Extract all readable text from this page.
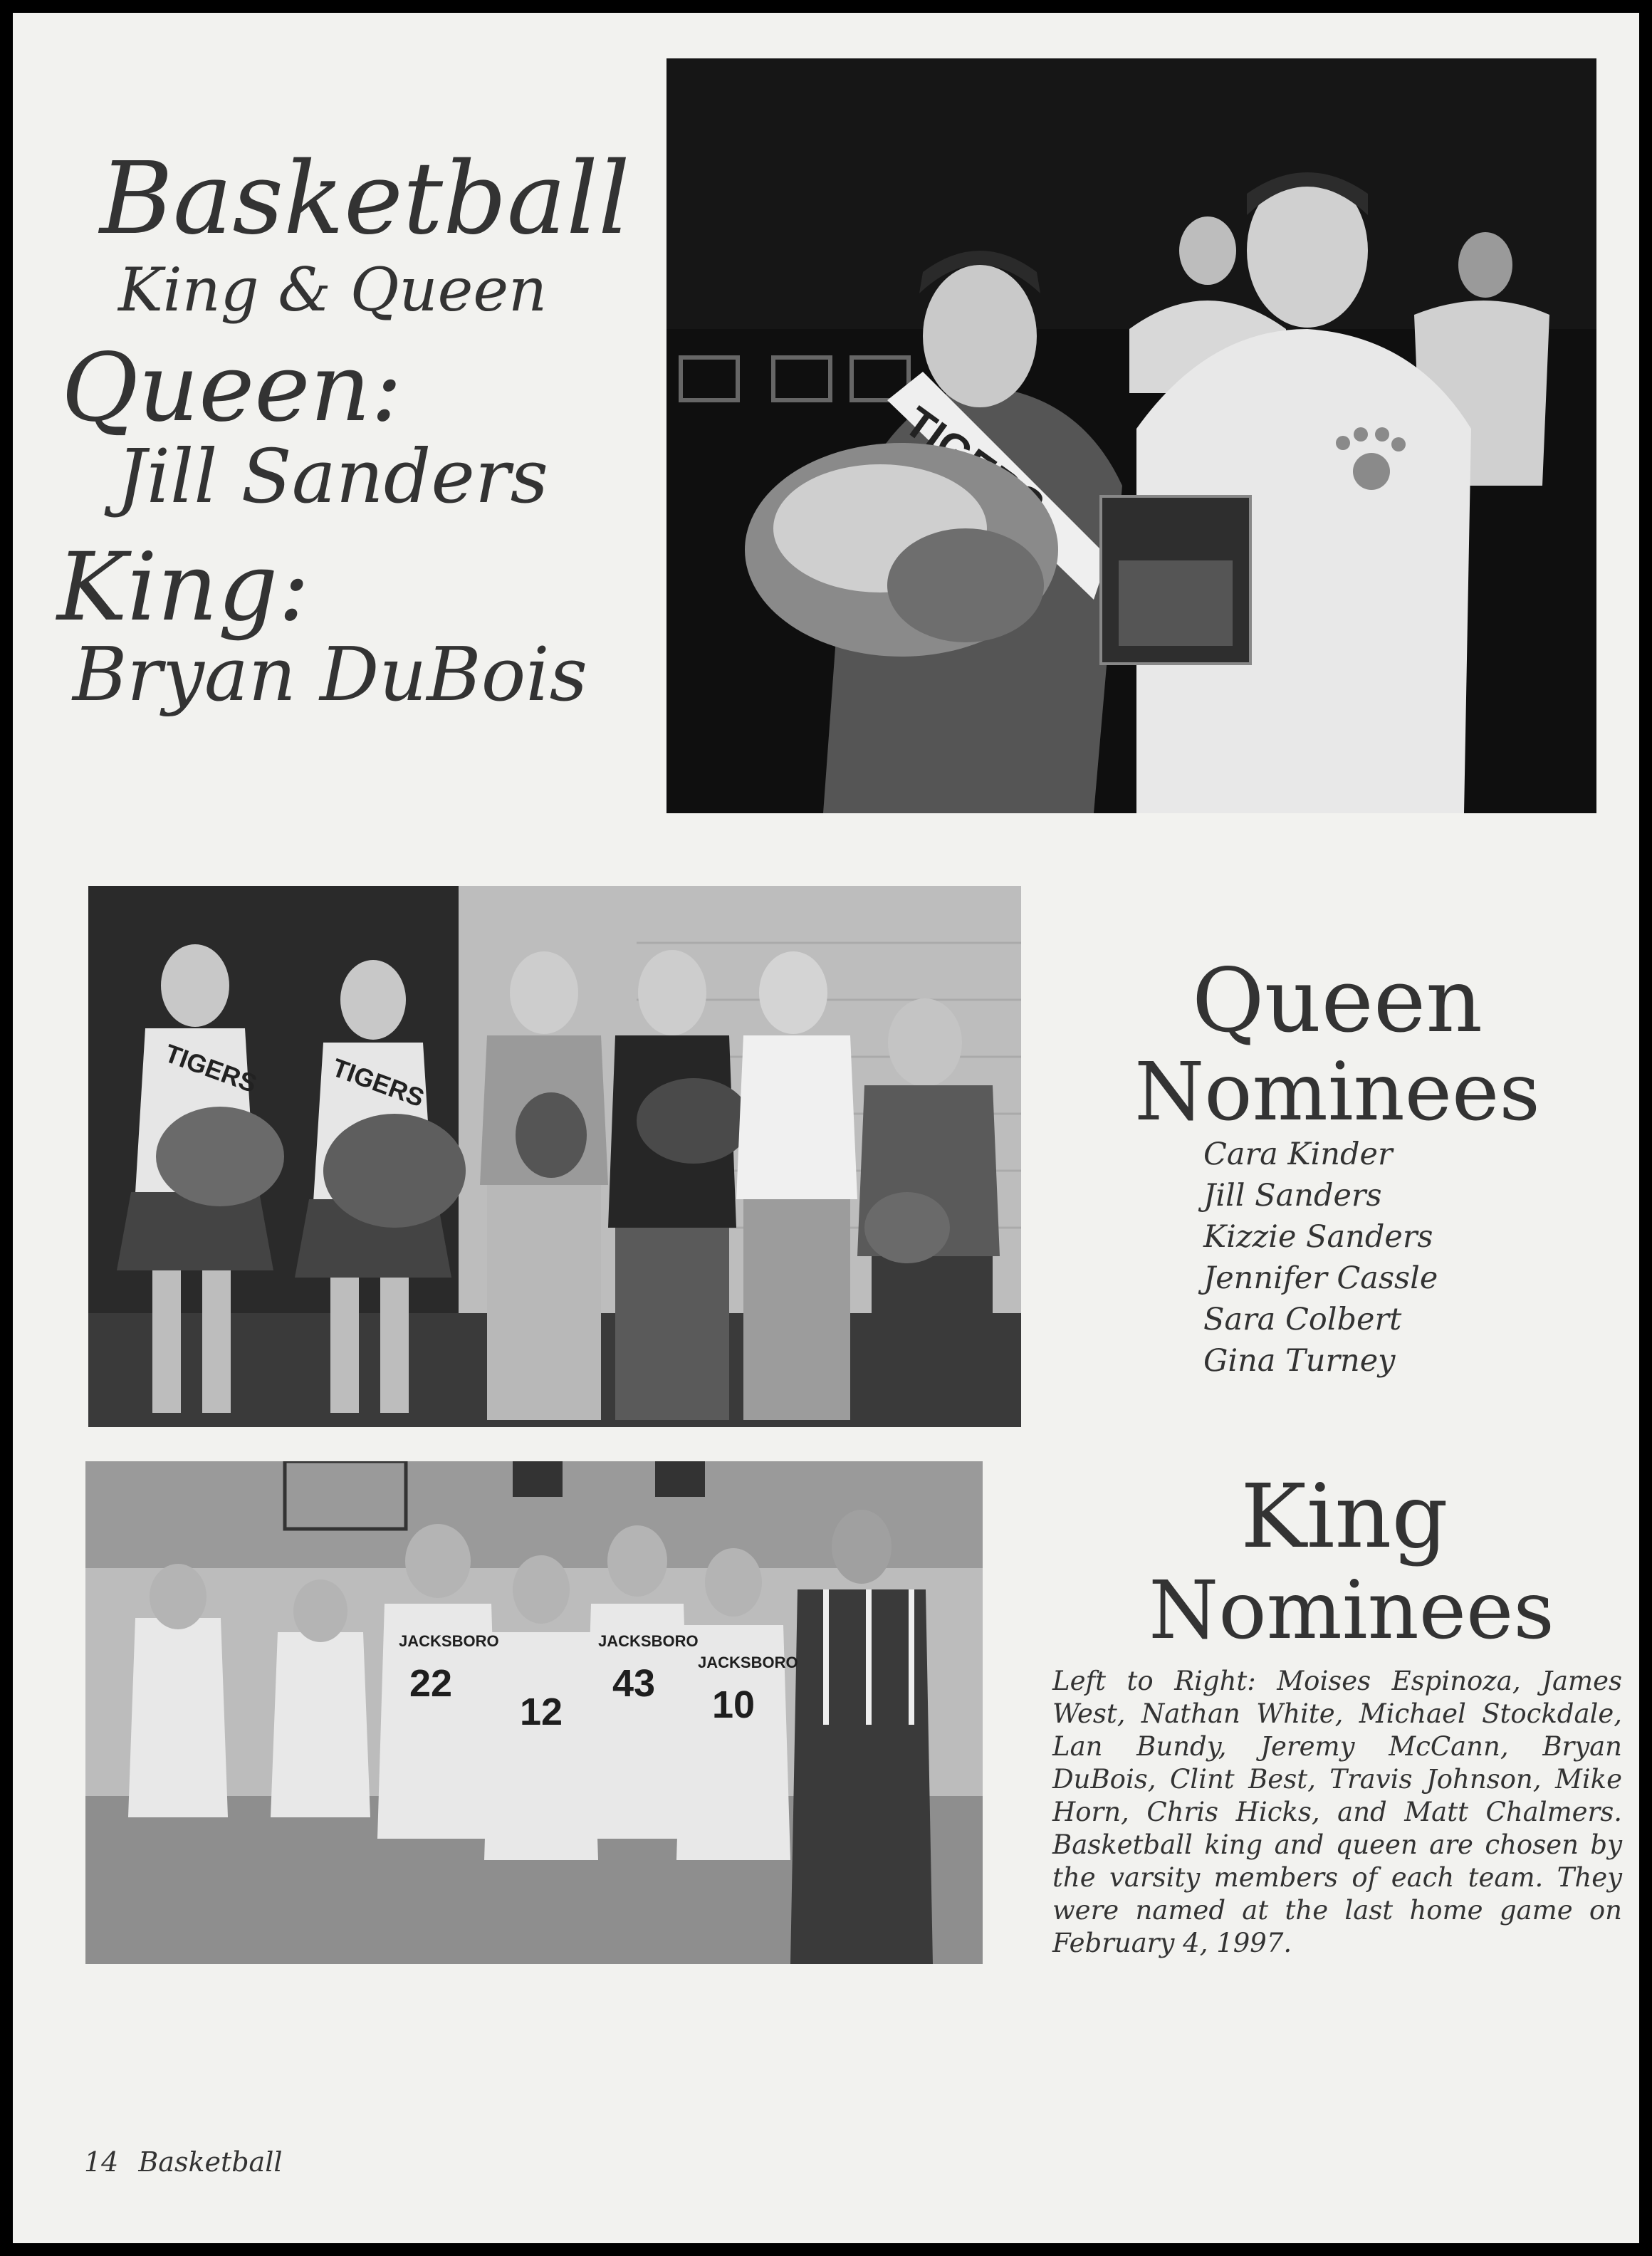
Basketball
King & Queen
Queen:
Jill Sanders
King:
Bryan DuBois
TIGERS	TIGERS
Queen
Nominees
Cara Kinder
Jill Sanders
Kizzie Sanders
Jennifer Cassle
Sara Colbert
Gina Turney
22
12
43 10
JACKSBORO	JACKSBORO
JACKSBORO
King
Nominees
Left to Right: Moises Espinoza, James West, Nathan White, Michael Stockdale, Lan Bundy, Jeremy McCann, Bryan DuBois, Clint Best, Travis Johnson, Mike Horn, Chris Hicks, and Matt Chalmers. Basketball king and queen are chosen by the varsity members of each team. They were named at the last home game on February 4, 1997.
14 Basketball
